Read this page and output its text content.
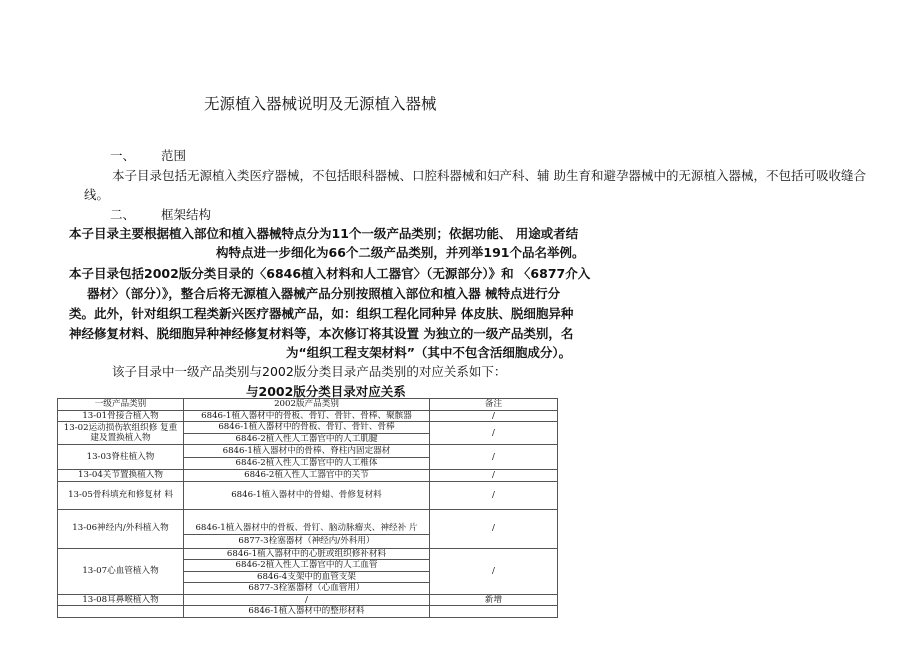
无源植入器械说明及无源植入器械
一、 范围
本子目录包括无源植入类医疗器械，不包括眼科器械、口腔科器械和妇产科、辅 助生育和避孕器械中的无源植入器械，不包括可吸收缝合
线。
二、 框架结构
本子目录主要根据植入部位和植入器械特点分为11个一级产品类别；依据功能、 用途或者结
构特点进一步细化为66个二级产品类别，并列举191个品名举例。
本子目录包括2002版分类目录的〈6846植入材料和人工器官〉（无源部分）》和 〈6877介入
器材〉（部分）》，整合后将无源植入器械产品分别按照植入部位和植入器 械特点进行分
类。此外，针对组织工程类新兴医疗器械产品，如：组织工程化同种异 体皮肤、脱细胞异种
神经修复材料、脱细胞异种神经修复材料等，本次修订将其设置 为独立的一级产品类别，名
为“组织工程支架材料”（其中不包含活细胞成分）。
该子目录中一级产品类别与2002版分类目录产品类别的对应关系如下：
与2002版分类目录对应关系
一级产品类别	2002版产品类别	备注
13-01骨接合植入物	6846-1植入器材中的骨板、骨钉、骨针、骨棒、聚髌器	/
13-02运动损伤软组织修 复重建及置换植入物	6846-1植入器材中的骨板、骨钉、骨针、骨棒	/
	6846-2植入性人工器官中的人工肌腱	
13-03脊柱植入物	6846-1植入器材中的骨棒、脊柱内固定器材	/
	6846-2植入性人工器官中的人工椎体	
13-04关节置换植入物	6846-2植入性人工器官中的关节	/
13-05骨科填充和修复材 料	6846-1植入器材中的骨蜡、骨修复材料	/
13-06神经内/外科植入物	6846-1植入器材中的骨板、骨钉、脑动脉瘤夹、神经补 片	/
	6877-3栓塞器材（神经内/外科用）	
13-07心血管植入物	6846-1植入器材中的心脏或组织修补材料	/
	6846-2植入性人工器官中的人工血管	
	6846-4支架中的血管支架	
	6877-3栓塞器材（心血管用）	
13-08耳鼻喉植入物	/	新增
	6846-1植入器材中的整形材料	
